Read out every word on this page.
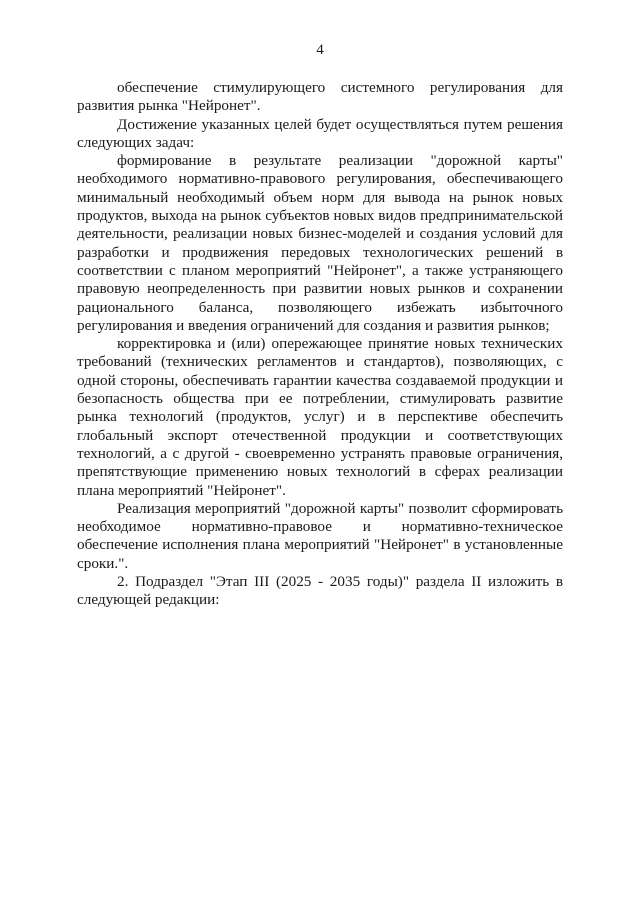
4

обеспечение стимулирующего системного регулирования для развития рынка "Нейронет".

Достижение указанных целей будет осуществляться путем решения следующих задач:

формирование в результате реализации "дорожной карты" необходимого нормативно-правового регулирования, обеспечивающего минимальный необходимый объем норм для вывода на рынок новых продуктов, выхода на рынок субъектов новых видов предпринимательской деятельности, реализации новых бизнес-моделей и создания условий для разработки и продвижения передовых технологических решений в соответствии с планом мероприятий "Нейронет", а также устраняющего правовую неопределенность при развитии новых рынков и сохранении рационального баланса, позволяющего избежать избыточного регулирования и введения ограничений для создания и развития рынков;

корректировка и (или) опережающее принятие новых технических требований (технических регламентов и стандартов), позволяющих, с одной стороны, обеспечивать гарантии качества создаваемой продукции и безопасность общества при ее потреблении, стимулировать развитие рынка технологий (продуктов, услуг) и в перспективе обеспечить глобальный экспорт отечественной продукции и соответствующих технологий, а с другой - своевременно устранять правовые ограничения, препятствующие применению новых технологий в сферах реализации плана мероприятий "Нейронет".

Реализация мероприятий "дорожной карты" позволит сформировать необходимое нормативно-правовое и нормативно-техническое обеспечение исполнения плана мероприятий "Нейронет" в установленные сроки.".

2. Подраздел "Этап III (2025 - 2035 годы)" раздела II изложить в следующей редакции:
